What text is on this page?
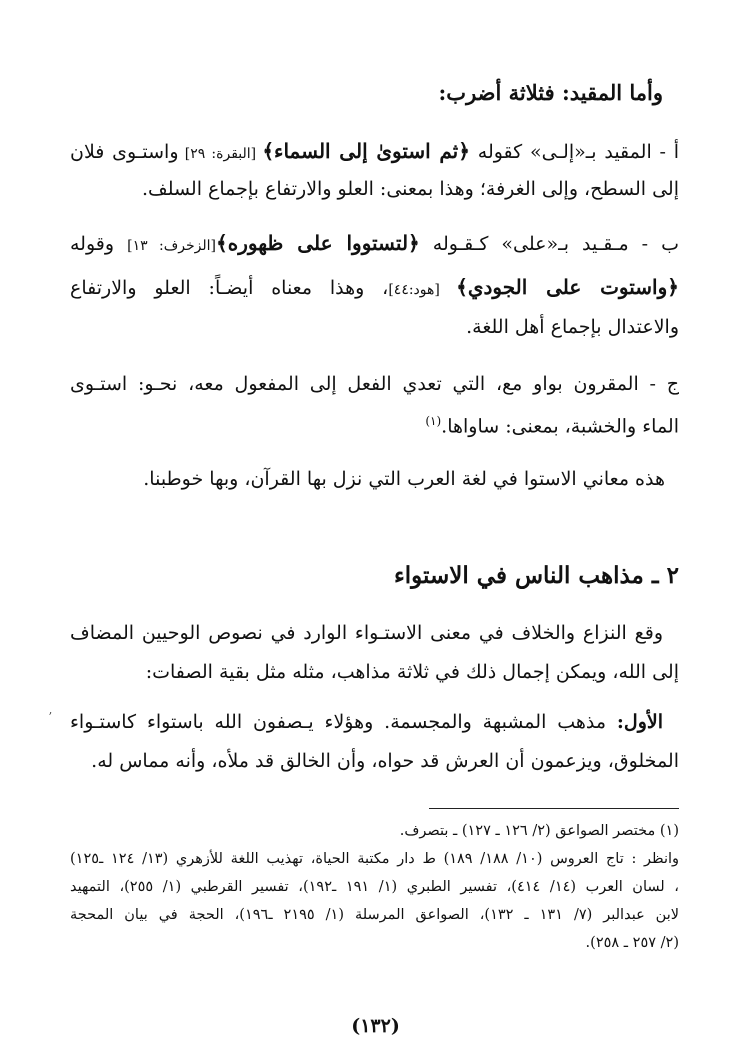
وأما المقيد: فثلاثة أضرب:
أ - المقيد بـ«إلـى» كقوله ﴿ثم استوىٰ إلى السماء﴾ [البقرة: ٢٩] واستـوى فلان
إلى السطح، وإلى الغرفة؛ وهذا بمعنى: العلو والارتفاع بإجماع السلف.
ب - مـقـيد بـ«على» كـقـوله ﴿لتستووا على ظهوره﴾[الزخرف: ١٣] وقوله
﴿واستوت على الجودي﴾ [هود:٤٤]، وهذا معناه أيضـاً: العلو والارتفاع
والاعتدال بإجماع أهل اللغة.
ج - المقرون بواو مع، التي تعدي الفعل إلى المفعول معه، نحـو: استـوى
الماء والخشبة، بمعنى: ساواها.$^{(١)}$
هذه معاني الاستوا في لغة العرب التي نزل بها القرآن، وبها خوطبنا.
٢ ـ مذاهب الناس في الاستواء
وقع النزاع والخلاف في معنى الاستـواء الوارد في نصوص الوحيين المضاف
إلى الله، ويمكن إجمال ذلك في ثلاثة مذاهب، مثله مثل بقية الصفات:
الأول: مذهب المشبهة والمجسمة. وهؤلاء يـصفون الله باستواء كاستـواء
المخلوق، ويزعمون أن العرش قد حواه، وأن الخالق قد ملأه، وأنه مماس له.
ʼ
(١) مختصر الصواعق (٢/ ١٢٦ ـ ١٢٧) ـ بتصرف.
وانظر : تاج العروس (١٠/ ١٨٨/ ١٨٩) ط دار مكتبة الحياة، تهذيب اللغة للأزهري (١٣/ ١٢٤ ـ١٢٥)
، لسان العرب (١٤/ ٤١٤)، تفسير الطبري (١/ ١٩١ ـ١٩٢)، تفسير القرطبي (١/ ٢٥٥)، التمهيد
لابن عبدالبر (٧/ ١٣١ ـ ١٣٢)، الصواعق المرسلة (١/ ٢١٩٥ ـ١٩٦)، الحجة في بيان المحجة
(٢/ ٢٥٧ ـ ٢٥٨).
(١٣٢)
